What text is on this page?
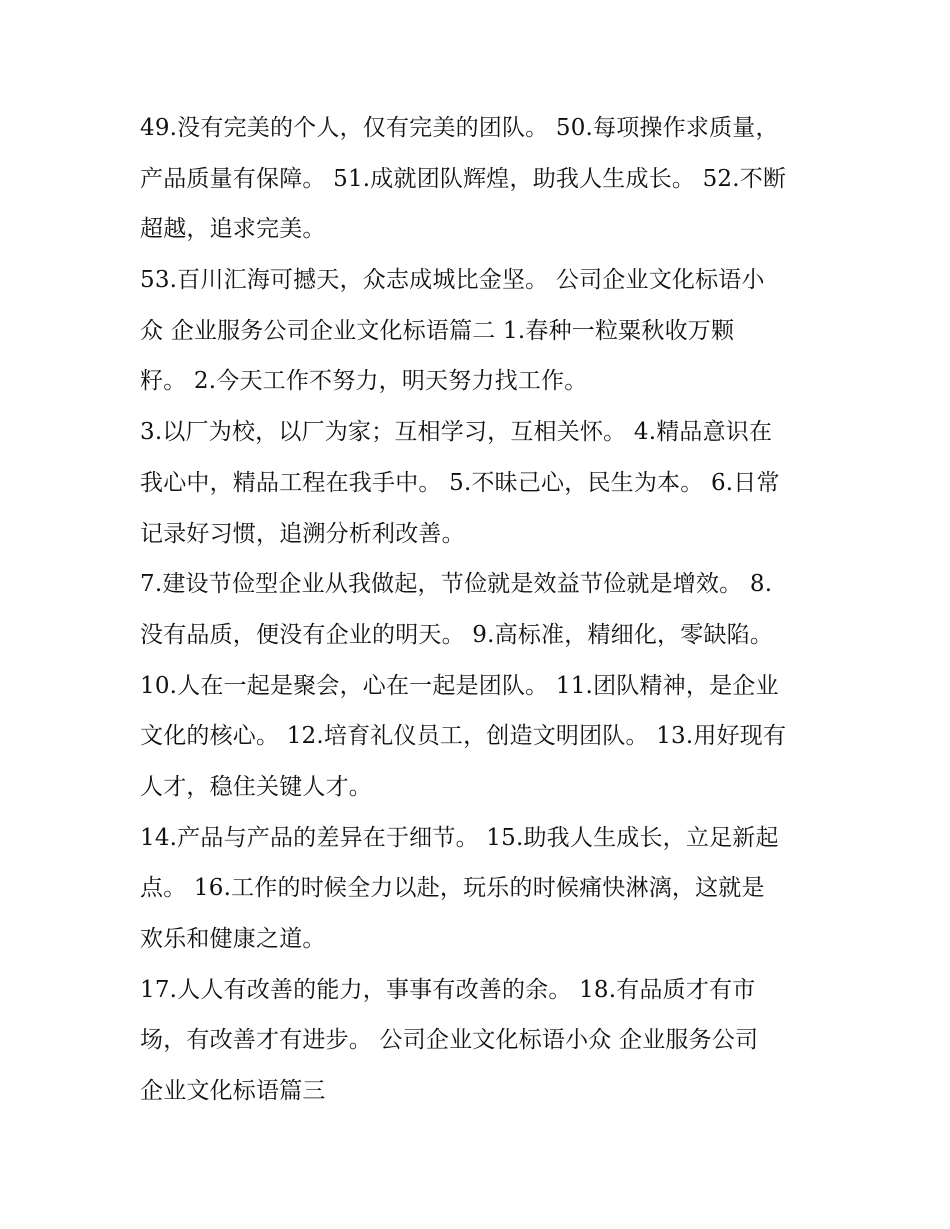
49.没有完美的个人，仅有完美的团队。 50.每项操作求质量，
产品质量有保障。 51.成就团队辉煌，助我人生成长。 52.不断
超越，追求完美。
53.百川汇海可撼天，众志成城比金坚。 公司企业文化标语小
众 企业服务公司企业文化标语篇二 1.春种一粒粟秋收万颗
籽。 2.今天工作不努力，明天努力找工作。
3.以厂为校，以厂为家；互相学习，互相关怀。 4.精品意识在
我心中，精品工程在我手中。 5.不昧己心，民生为本。 6.日常
记录好习惯，追溯分析利改善。
7.建设节俭型企业从我做起，节俭就是效益节俭就是增效。 8.
没有品质，便没有企业的明天。 9.高标准，精细化，零缺陷。
10.人在一起是聚会，心在一起是团队。 11.团队精神，是企业
文化的核心。 12.培育礼仪员工，创造文明团队。 13.用好现有
人才，稳住关键人才。
14.产品与产品的差异在于细节。 15.助我人生成长，立足新起
点。 16.工作的时候全力以赴，玩乐的时候痛快淋漓，这就是
欢乐和健康之道。
17.人人有改善的能力，事事有改善的余。 18.有品质才有市
场，有改善才有进步。 公司企业文化标语小众 企业服务公司
企业文化标语篇三
